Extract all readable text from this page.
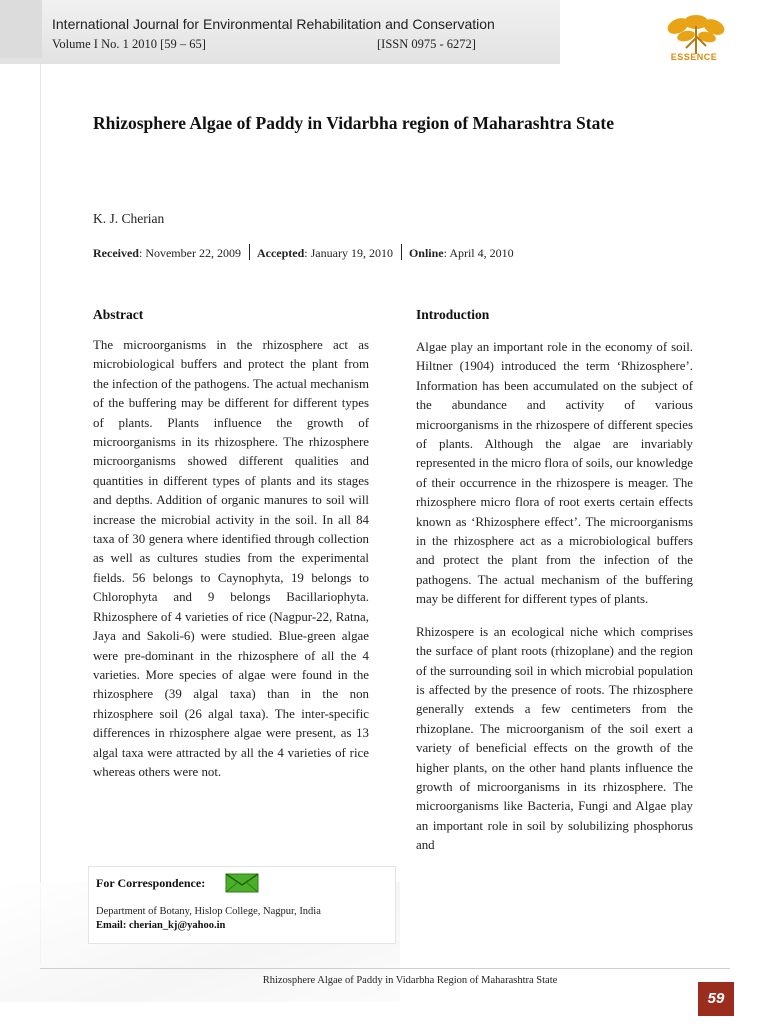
International Journal for Environmental Rehabilitation and Conservation
Volume I No. 1 2010 [59 – 65]	[ISSN 0975 - 6272]
ESSENCE
Rhizosphere Algae of Paddy in Vidarbha region of Maharashtra State
K. J. Cherian
Received: November 22, 2009 Accepted: January 19, 2010 Online: April 4, 2010
Abstract

The microorganisms in the rhizosphere act as microbiological buffers and protect the plant from the infection of the pathogens. The actual mechanism of the buffering may be different for different types of plants. Plants influence the growth of microorganisms in its rhizosphere. The rhizosphere microorganisms showed different qualities and quantities in different types of plants and its stages and depths. Addition of organic manures to soil will increase the microbial activity in the soil. In all 84 taxa of 30 genera where identified through collection as well as cultures studies from the experimental fields. 56 belongs to Caynophyta, 19 belongs to Chlorophyta and 9 belongs Bacillariophyta. Rhizosphere of 4 varieties of rice (Nagpur-22, Ratna, Jaya and Sakoli-6) were studied. Blue-green algae were pre-dominant in the rhizosphere of all the 4 varieties. More species of algae were found in the rhizosphere (39 algal taxa) than in the non rhizosphere soil (26 algal taxa). The inter-specific differences in rhizosphere algae were present, as 13 algal taxa were attracted by all the 4 varieties of rice whereas others were not.

Introduction

Algae play an important role in the economy of soil. Hiltner (1904) introduced the term ‘Rhizosphere’. Information has been accumulated on the subject of the abundance and activity of various microorganisms in the rhizospere of different species of plants. Although the algae are invariably represented in the micro flora of soils, our knowledge of their occurrence in the rhizospere is meager. The rhizosphere micro flora of root exerts certain effects known as ‘Rhizosphere effect’. The microorganisms in the rhizosphere act as a microbiological buffers and protect the plant from the infection of the pathogens. The actual mechanism of the buffering may be different for different types of plants.

Rhizospere is an ecological niche which comprises the surface of plant roots (rhizoplane) and the region of the surrounding soil in which microbial population is affected by the presence of roots. The rhizosphere generally extends a few centimeters from the rhizoplane. The microorganism of the soil exert a variety of beneficial effects on the growth of the higher plants, on the other hand plants influence the growth of microorganisms in its rhizosphere. The microorganisms like Bacteria, Fungi and Algae play an important role in soil by solubilizing phosphorus and

For Correspondence:
Department of Botany, Hislop College, Nagpur, India
Email: cherian_kj@yahoo.in
Rhizosphere Algae of Paddy in Vidarbha Region of Maharashtra State
59
